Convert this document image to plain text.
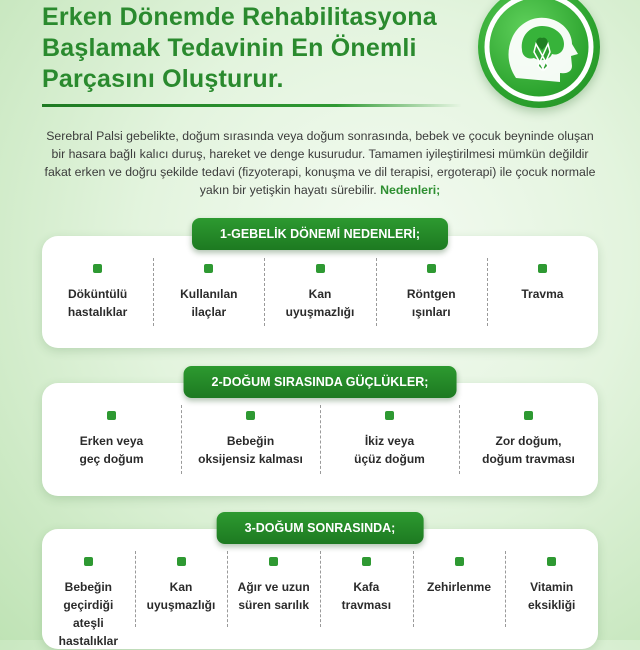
Erken Dönemde Rehabilitasyona
Başlamak Tedavinin En Önemli
Parçasını Oluşturur.
Serebral Palsi gebelikte, doğum sırasında veya doğum sonrasında, bebek ve çocuk beyninde oluşan bir hasara bağlı kalıcı duruş, hareket ve denge kusurudur. Tamamen iyileştirilmesi mümkün değildir fakat erken ve doğru şekilde tedavi (fizyoterapi, konuşma ve dil terapisi, ergoterapi) ile çocuk normale yakın bir yetişkin hayatı sürebilir. Nedenleri;
1-GEBELİK DÖNEMİ NEDENLERİ;
Döküntülü
hastalıklar
Kullanılan
ilaçlar
Kan
uyuşmazlığı
Röntgen
ışınları
Travma

2-DOĞUM SIRASINDA GÜÇLÜKLER;
Erken veya
geç doğum
Bebeğin
oksijensiz kalması
İkiz veya
üçüz doğum
Zor doğum,
doğum travması
3-DOĞUM SONRASINDA;
Bebeğin geçirdiği
ateşli hastalıklar
Kan
uyuşmazlığı
Ağır ve uzun
süren sarılık
Kafa
travması
Zehirlenme	Vitamin
eksikliği
